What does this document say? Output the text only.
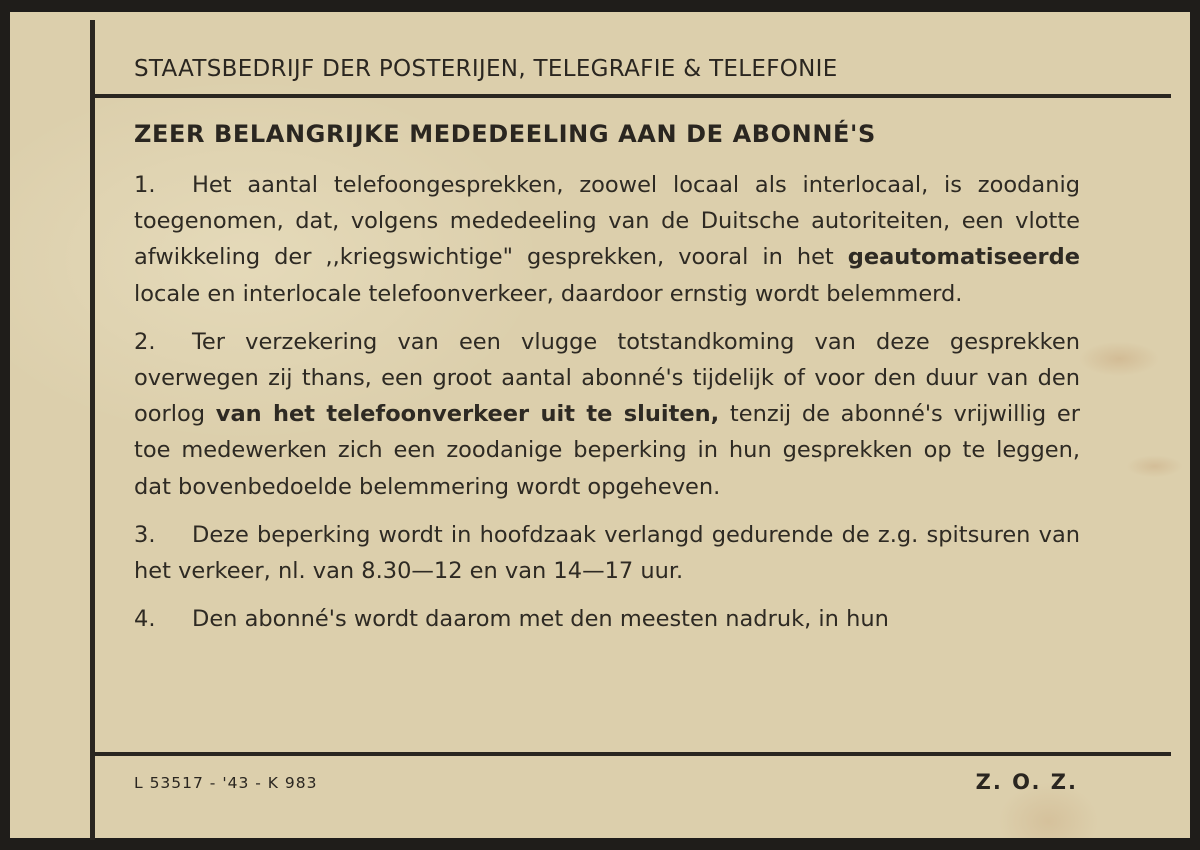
STAATSBEDRIJF DER POSTERIJEN, TELEGRAFIE & TELEFONIE
ZEER BELANGRIJKE MEDEDEELING AAN DE ABONNÉ'S

1. Het aantal telefoongesprekken, zoowel locaal als interlocaal, is zoodanig toegenomen, dat, volgens mededeeling van de Duitsche autoriteiten, een vlotte afwikkeling der ,,kriegswichtige" gesprekken, vooral in het geautomatiseerde locale en interlocale telefoonverkeer, daardoor ernstig wordt belemmerd.

2. Ter verzekering van een vlugge totstandkoming van deze gesprekken overwegen zij thans, een groot aantal abonné's tijdelijk of voor den duur van den oorlog van het telefoonverkeer uit te sluiten, tenzij de abonné's vrijwillig er toe medewerken zich een zoodanige beperking in hun gesprekken op te leggen, dat bovenbedoelde belemmering wordt opgeheven.

3. Deze beperking wordt in hoofdzaak verlangd gedurende de z.g. spitsuren van het verkeer, nl. van 8.30—12 en van 14—17 uur.

4. Den abonné's wordt daarom met den meesten nadruk, in hun

L 53517 - '43 - K 983	Z. O. Z.
